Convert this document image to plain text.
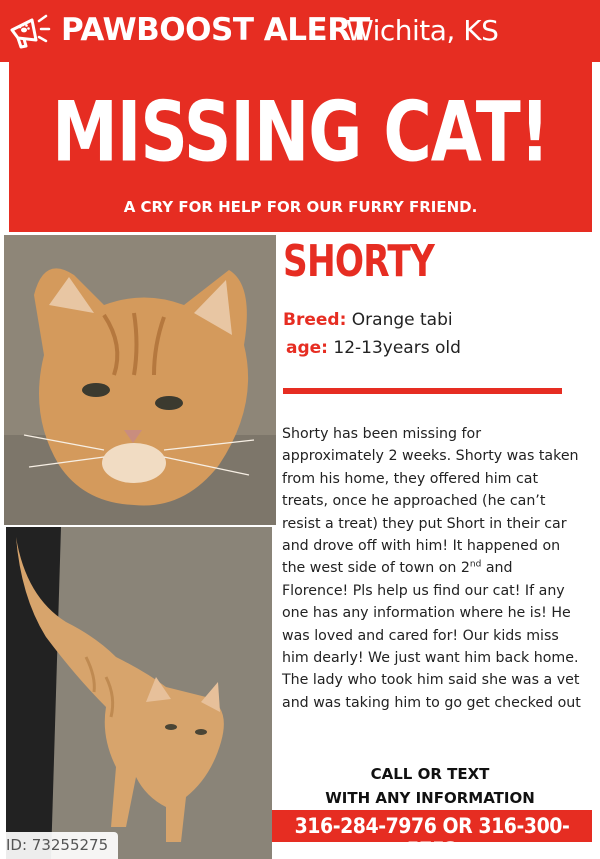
PAWBOOST ALERT
Wichita, KS
MISSING CAT!
A CRY FOR HELP FOR OUR FURRY FRIEND.
SHORTY
Breed: Orange tabi
age: 12-13years old

Shorty has been missing for approximately 2 weeks. Shorty was taken from his home, they offered him cat treats, once he approached (he can’t resist a treat) they put Short in their car and drove off with him! It happened on the west side of town on 2nd and Florence! Pls help us find our cat! If any one has any information where he is! He was loved and cared for! Our kids miss him dearly! We just want him back home.

The lady who took him said she was a vet and was taking him to go get checked out

CALL OR TEXT
WITH ANY INFORMATION
316-284-7976 OR 316-300-5753
ID: 73255275
